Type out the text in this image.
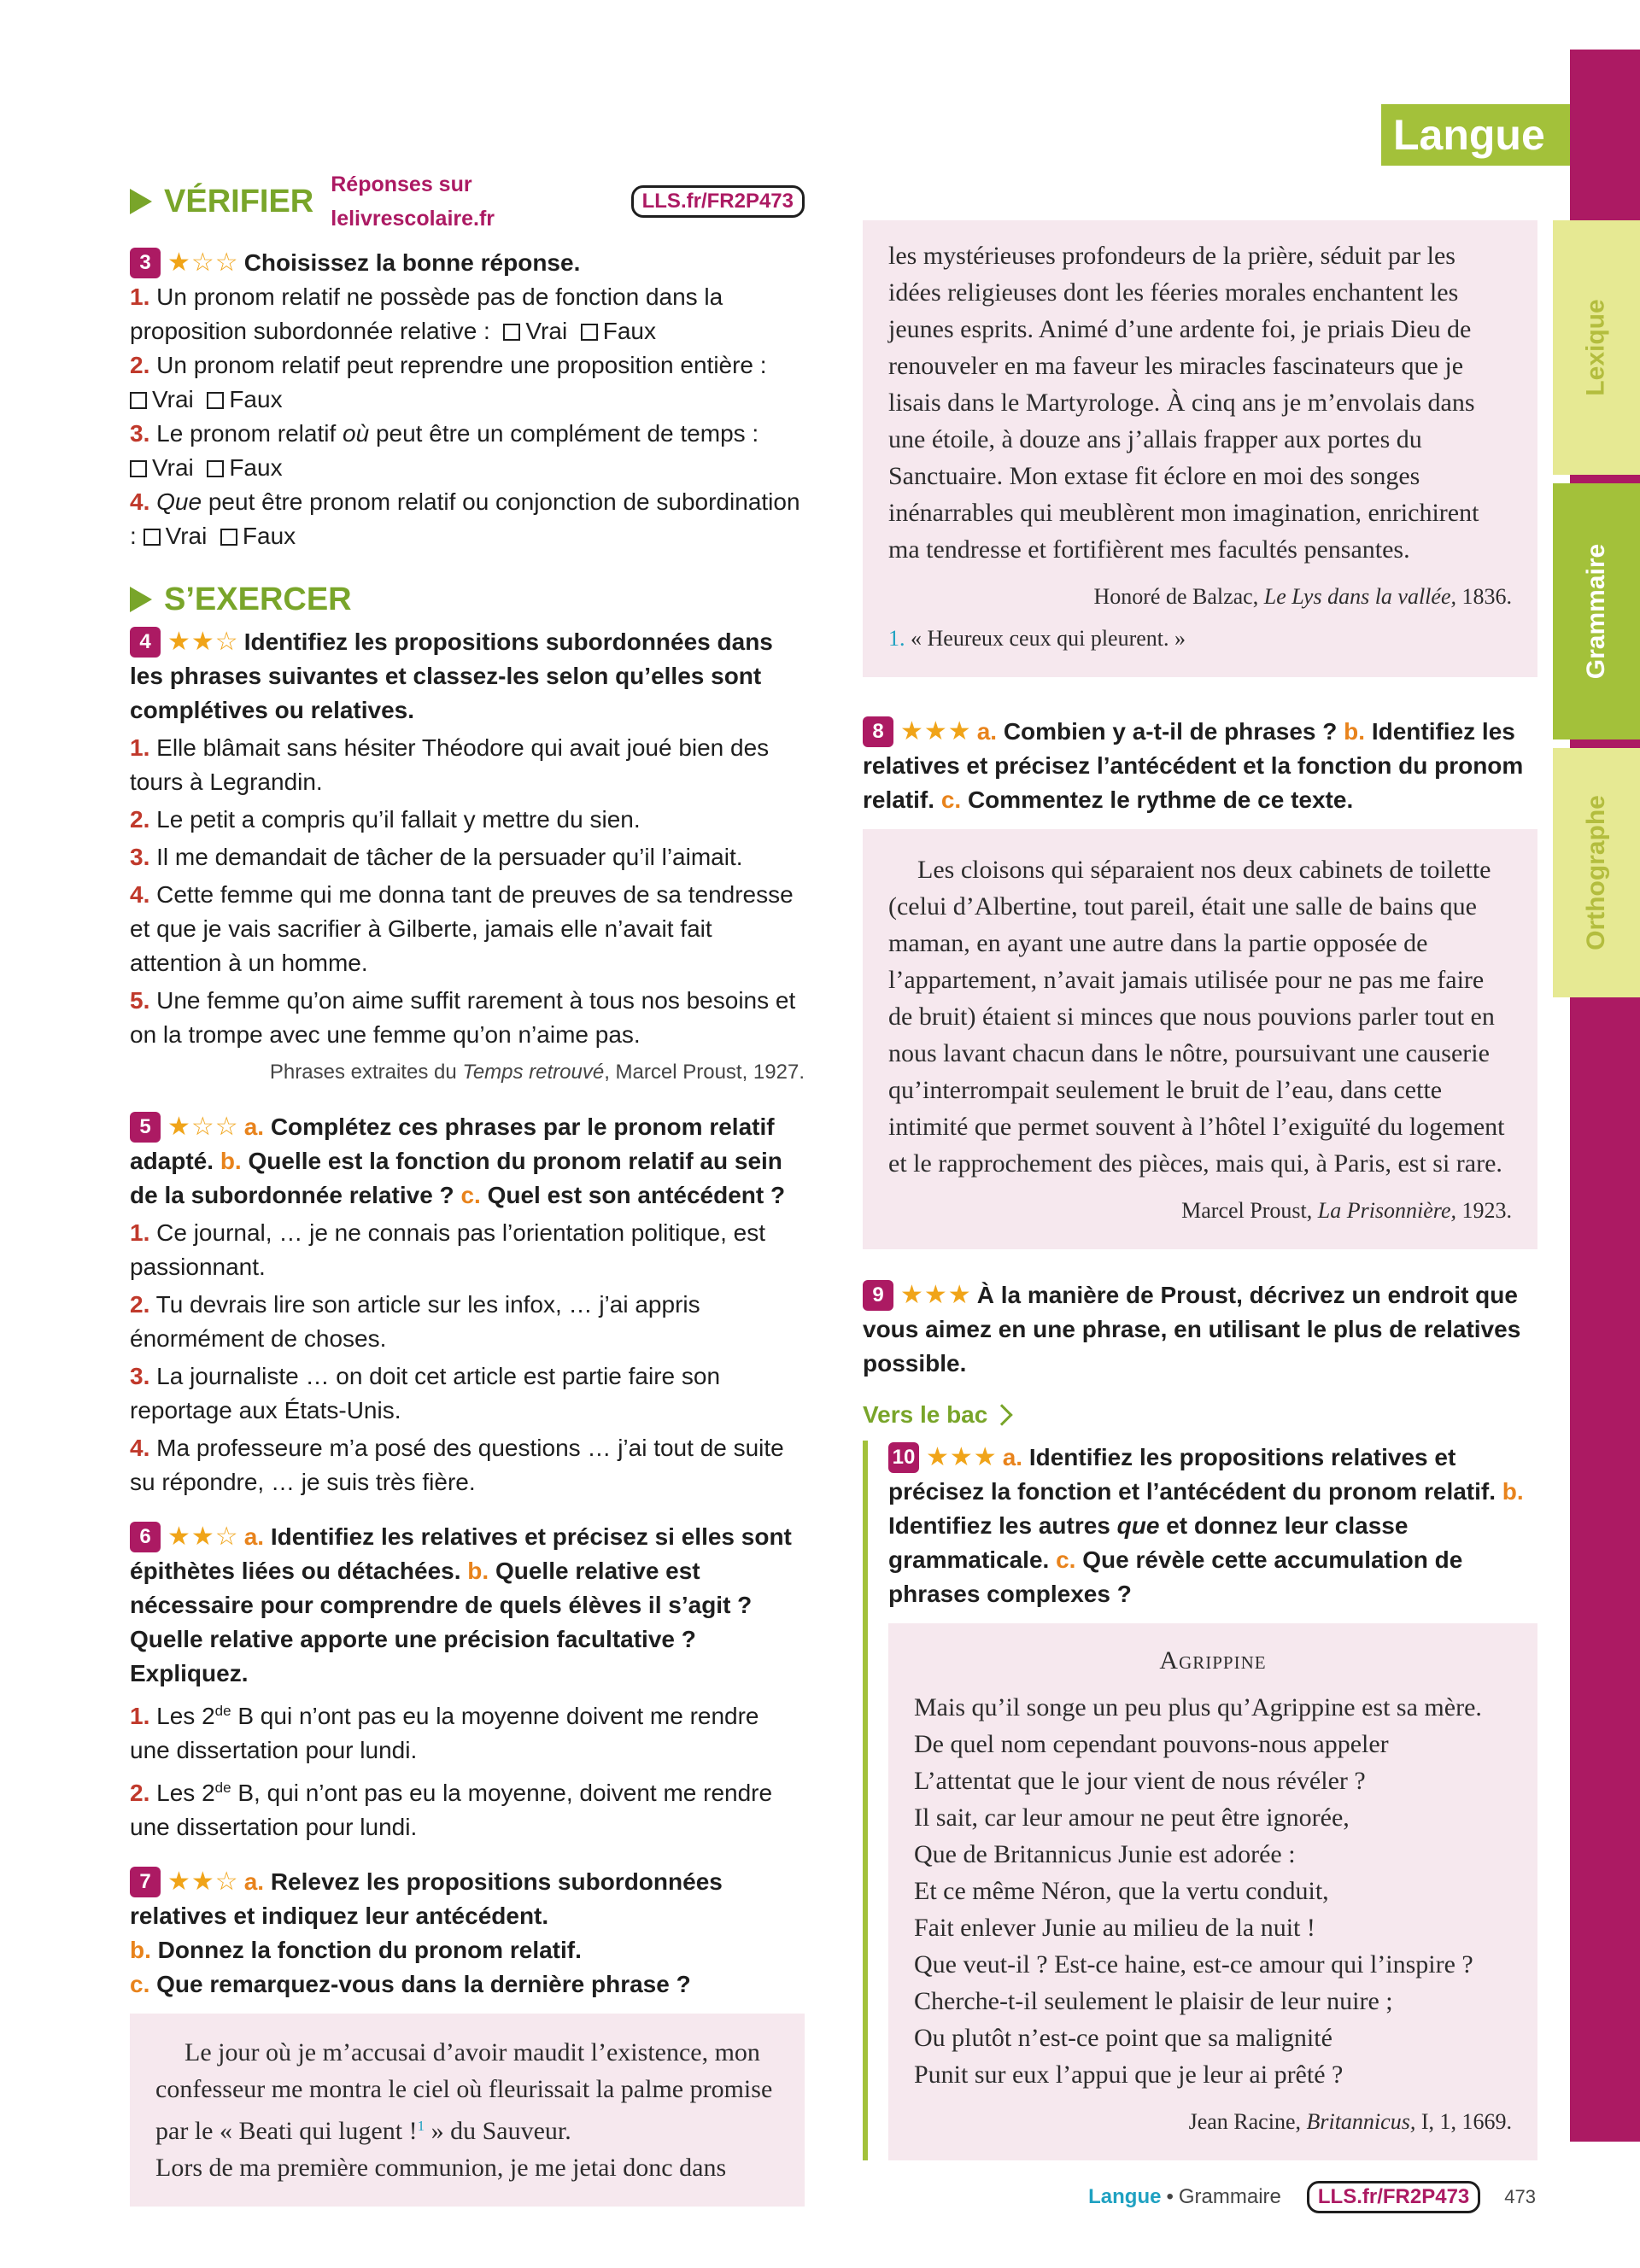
Langue
Lexique
Grammaire
Orthographe
VÉRIFIER Réponses sur lelivrescolaire.fr
LLS.fr/FR2P473
3 ★☆☆ Choisissez la bonne réponse.
1. Un pronom relatif ne possède pas de fonction dans la proposition subordonnée relative : Vrai Faux
2. Un pronom relatif peut reprendre une proposition entière :
Vrai Faux
3. Le pronom relatif où peut être un complément de temps :
Vrai Faux
4. Que peut être pronom relatif ou conjonction de subordination : Vrai Faux
S’EXERCER
4 ★★☆ Identifiez les propositions subordonnées dans les phrases suivantes et classez-les selon qu’elles sont complétives ou relatives.
1. Elle blâmait sans hésiter Théodore qui avait joué bien des tours à Legrandin.
2. Le petit a compris qu’il fallait y mettre du sien.
3. Il me demandait de tâcher de la persuader qu’il l’aimait.
4. Cette femme qui me donna tant de preuves de sa tendresse et que je vais sacrifier à Gilberte, jamais elle n’avait fait attention à un homme.
5. Une femme qu’on aime suffit rarement à tous nos besoins et on la trompe avec une femme qu’on n’aime pas.
Phrases extraites du Temps retrouvé, Marcel Proust, 1927.
5 ★☆☆ a. Complétez ces phrases par le pronom relatif adapté. b. Quelle est la fonction du pronom relatif au sein de la subordonnée relative ? c. Quel est son antécédent ?
1. Ce journal, … je ne connais pas l’orientation politique, est passionnant.
2. Tu devrais lire son article sur les infox, … j’ai appris énormément de choses.
3. La journaliste … on doit cet article est partie faire son reportage aux États-Unis.
4. Ma professeure m’a posé des questions … j’ai tout de suite su répondre, … je suis très fière.
6 ★★☆ a. Identifiez les relatives et précisez si elles sont épithètes liées ou détachées. b. Quelle relative est nécessaire pour comprendre de quels élèves il s’agit ? Quelle relative apporte une précision facultative ? Expliquez.
1. Les 2de B qui n’ont pas eu la moyenne doivent me rendre une dissertation pour lundi.
2. Les 2de B, qui n’ont pas eu la moyenne, doivent me rendre une dissertation pour lundi.
7 ★★☆ a. Relevez les propositions subordonnées relatives et indiquez leur antécédent.
b. Donnez la fonction du pronom relatif.
c. Que remarquez-vous dans la dernière phrase ?
Le jour où je m’accusai d’avoir maudit l’existence, mon confesseur me montra le ciel où fleurissait la palme promise par le « Beati qui lugent !$^1$ » du Sauveur.
Lors de ma première communion, je me jetai donc dans
les mystérieuses profondeurs de la prière, séduit par les idées religieuses dont les féeries morales enchantent les jeunes esprits. Animé d’une ardente foi, je priais Dieu de renouveler en ma faveur les miracles fascinateurs que je lisais dans le Martyrologe. À cinq ans je m’envolais dans une étoile, à douze ans j’allais frapper aux portes du Sanctuaire. Mon extase fit éclore en moi des songes inénarrables qui meublèrent mon imagination, enrichirent ma tendresse et fortifièrent mes facultés pensantes.
Honoré de Balzac, Le Lys dans la vallée, 1836.
1. « Heureux ceux qui pleurent. »
8 ★★★ a. Combien y a-t-il de phrases ? b. Identifiez les relatives et précisez l’antécédent et la fonction du pronom relatif. c. Commentez le rythme de ce texte.
Les cloisons qui séparaient nos deux cabinets de toilette (celui d’Albertine, tout pareil, était une salle de bains que maman, en ayant une autre dans la partie opposée de l’appartement, n’avait jamais utilisée pour ne pas me faire de bruit) étaient si minces que nous pouvions parler tout en nous lavant chacun dans le nôtre, poursuivant une causerie qu’interrompait seulement le bruit de l’eau, dans cette intimité que permet souvent à l’hôtel l’exiguïté du logement et le rapprochement des pièces, mais qui, à Paris, est si rare.
Marcel Proust, La Prisonnière, 1923.
9 ★★★ À la manière de Proust, décrivez un endroit que vous aimez en une phrase, en utilisant le plus de relatives possible.
Vers le bac
10 ★★★ a. Identifiez les propositions relatives et précisez la fonction et l’antécédent du pronom relatif. b. Identifiez les autres que et donnez leur classe grammaticale. c. Que révèle cette accumulation de phrases complexes ?
Agrippine
Mais qu’il songe un peu plus qu’Agrippine est sa mère.
De quel nom cependant pouvons-nous appeler
L’attentat que le jour vient de nous révéler ?
Il sait, car leur amour ne peut être ignorée,
Que de Britannicus Junie est adorée :
Et ce même Néron, que la vertu conduit,
Fait enlever Junie au milieu de la nuit !
Que veut-il ? Est-ce haine, est-ce amour qui l’inspire ?
Cherche-t-il seulement le plaisir de leur nuire ;
Ou plutôt n’est-ce point que sa malignité
Punit sur eux l’appui que je leur ai prêté ?
Jean Racine, Britannicus, I, 1, 1669.
Langue • Grammaire	LLS.fr/FR2P473	473
